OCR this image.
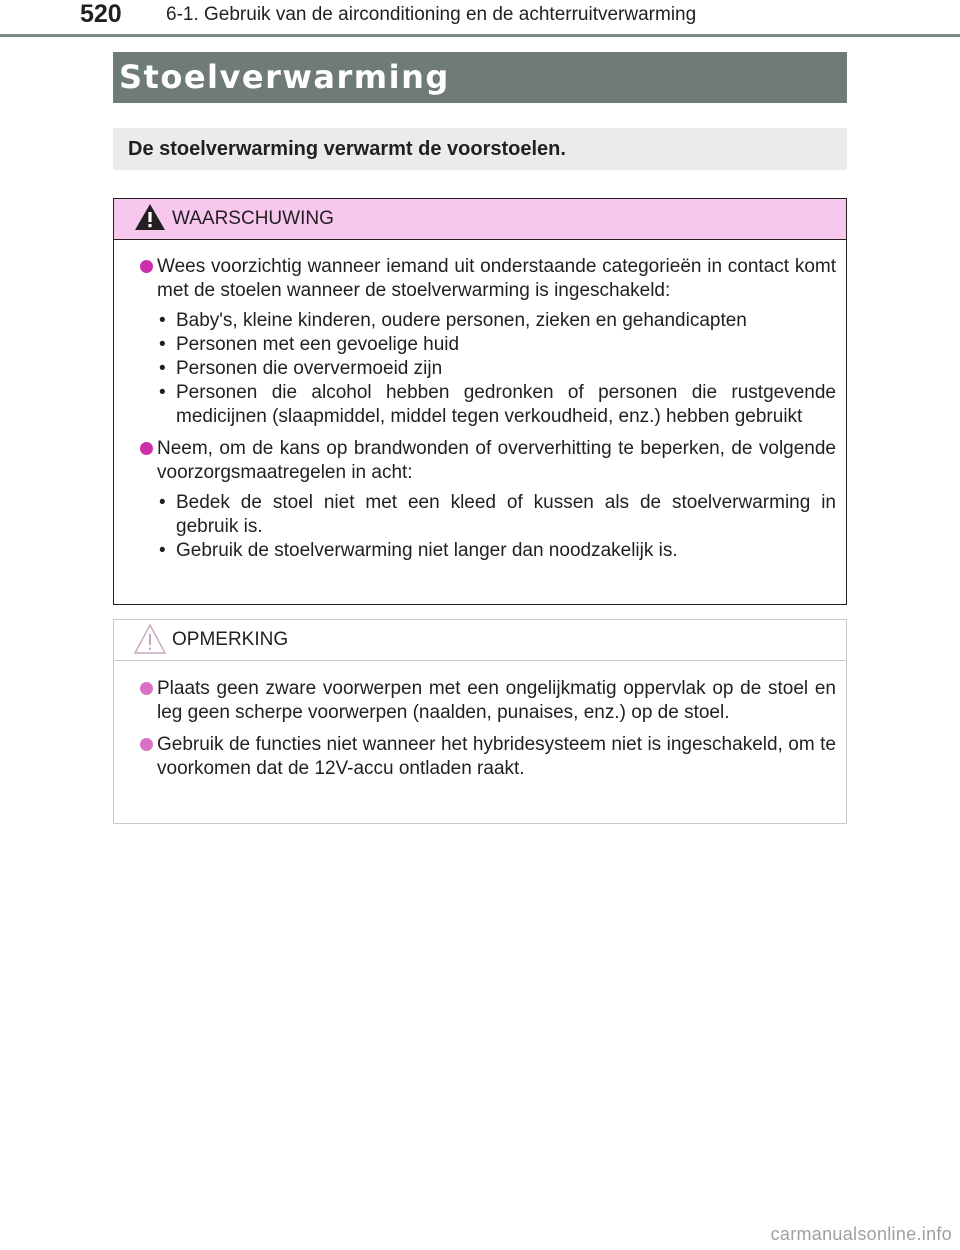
520 6-1. Gebruik van de airconditioning en de achterruitverwarming
Stoelverwarming
De stoelverwarming verwarmt de voorstoelen.
WAARSCHUWING
Wees voorzichtig wanneer iemand uit onderstaande categorieën in contact komt met de stoelen wanneer de stoelverwarming is ingeschakeld:
• Baby's, kleine kinderen, oudere personen, zieken en gehandicapten
• Personen met een gevoelige huid
• Personen die oververmoeid zijn
• Personen die alcohol hebben gedronken of personen die rustgevende medicijnen (slaapmiddel, middel tegen verkoudheid, enz.) hebben gebruikt
Neem, om de kans op brandwonden of oververhitting te beperken, de volgende voorzorgsmaatregelen in acht:
• Bedek de stoel niet met een kleed of kussen als de stoelverwarming in gebruik is.
• Gebruik de stoelverwarming niet langer dan noodzakelijk is.
OPMERKING
Plaats geen zware voorwerpen met een ongelijkmatig oppervlak op de stoel en leg geen scherpe voorwerpen (naalden, punaises, enz.) op de stoel.
Gebruik de functies niet wanneer het hybridesysteem niet is ingeschakeld, om te voorkomen dat de 12V-accu ontladen raakt.
carmanualsonline.info
